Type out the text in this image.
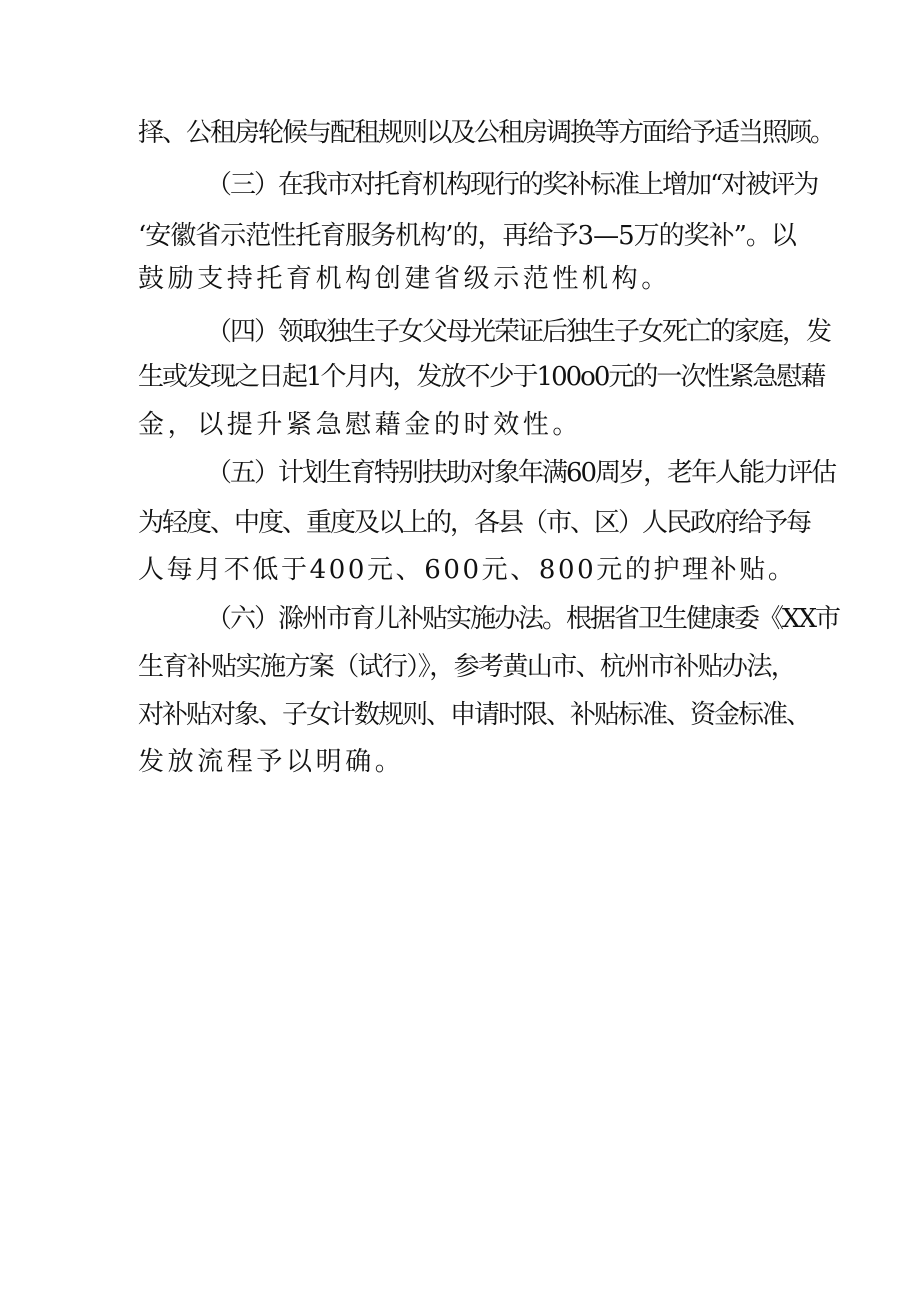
择、公租房轮候与配租规则以及公租房调换等方面给予适当照顾。
（三）在我市对托育机构现行的奖补标准上增加“对被评为
‘安徽省示范性托育服务机构’的，再给予3—5万的奖补”。以
鼓励支持托育机构创建省级示范性机构。
（四）领取独生子女父母光荣证后独生子女死亡的家庭，发
生或发现之日起1个月内，发放不少于100o0元的一次性紧急慰藉
金，以提升紧急慰藉金的时效性。
（五）计划生育特别扶助对象年满60周岁，老年人能力评估
为轻度、中度、重度及以上的，各县（市、区）人民政府给予每
人每月不低于400元、600元、800元的护理补贴。
（六）滁州市育儿补贴实施办法。根据省卫生健康委《XX市
生育补贴实施方案（试行）》，参考黄山市、杭州市补贴办法，
对补贴对象、子女计数规则、申请时限、补贴标准、资金标准、
发放流程予以明确。
